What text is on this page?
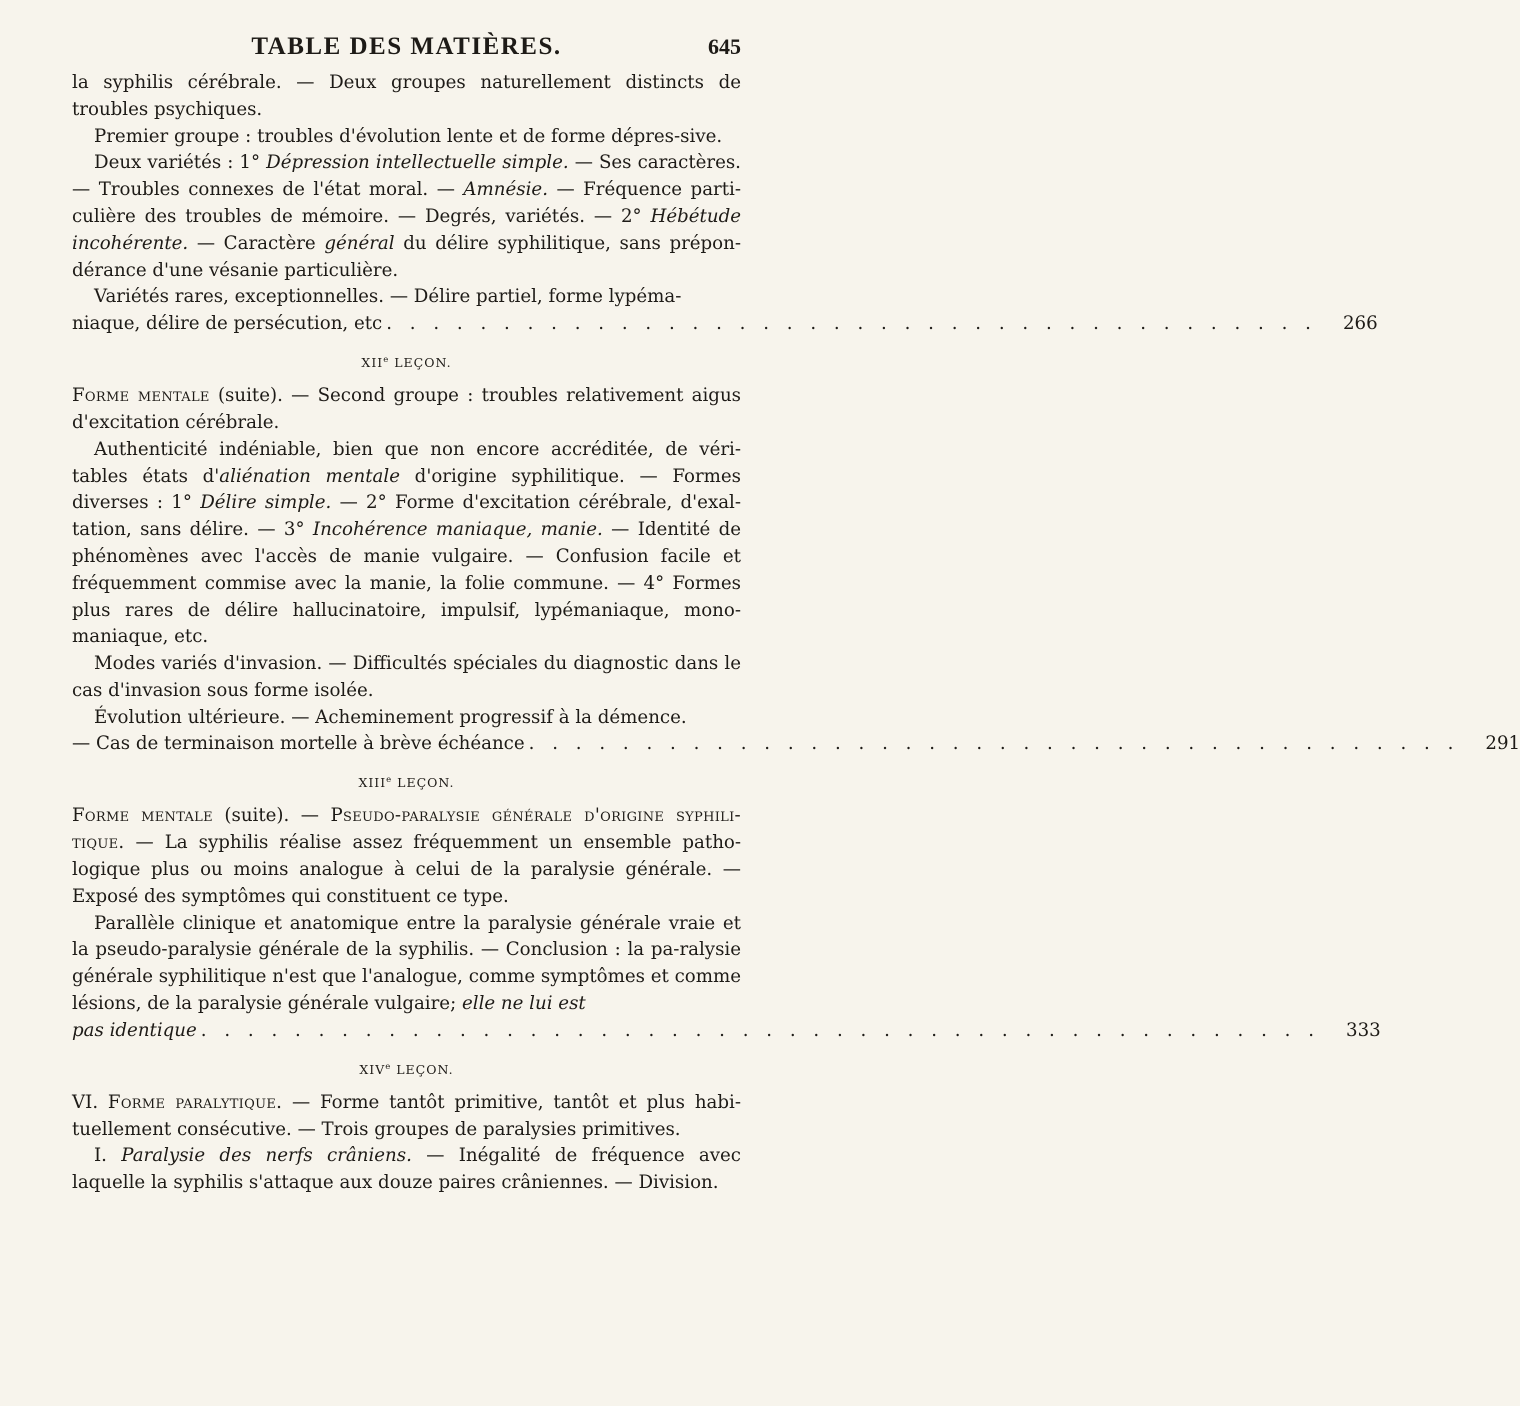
TABLE DES MATIÈRES.	645

la syphilis cérébrale. — Deux groupes naturellement distincts de troubles psychiques.

Premier groupe : troubles d'évolution lente et de forme dépres-sive.

Deux variétés : 1° Dépression intellectuelle simple. — Ses caractères. — Troubles connexes de l'état moral. — Amnésie. — Fréquence parti-culière des troubles de mémoire. — Degrés, variétés. — 2° Hébétude incohérente. — Caractère général du délire syphilitique, sans prépon-dérance d'une vésanie particulière.

Variétés rares, exceptionnelles. — Délire partiel, forme lypéma-

niaque, délire de persécution, etc . . . . . . . . . . . . . . . . . . . . . . . . . . . . . . . . . . . . . . . . 266
XIIe LEÇON.

Forme mentale (suite). — Second groupe : troubles relativement aigus d'excitation cérébrale.

Authenticité indéniable, bien que non encore accréditée, de véri-tables états d'aliénation mentale d'origine syphilitique. — Formes diverses : 1° Délire simple. — 2° Forme d'excitation cérébrale, d'exal-tation, sans délire. — 3° Incohérence maniaque, manie. — Identité de phénomènes avec l'accès de manie vulgaire. — Confusion facile et fréquemment commise avec la manie, la folie commune. — 4° Formes plus rares de délire hallucinatoire, impulsif, lypémaniaque, mono-maniaque, etc.

Modes variés d'invasion. — Difficultés spéciales du diagnostic dans le cas d'invasion sous forme isolée.

Évolution ultérieure. — Acheminement progressif à la démence.

— Cas de terminaison mortelle à brève échéance . . . . . . . . . . . . . . . . . . . . . . . . . . . . . . . . . . . . . . . . 291
XIIIe LEÇON.

Forme mentale (suite). — Pseudo-paralysie générale d'origine syphili-tique. — La syphilis réalise assez fréquemment un ensemble patho-logique plus ou moins analogue à celui de la paralysie générale. — Exposé des symptômes qui constituent ce type.

Parallèle clinique et anatomique entre la paralysie générale vraie et la pseudo-paralysie générale de la syphilis. — Conclusion : la pa-ralysie générale syphilitique n'est que l'analogue, comme symptômes et comme lésions, de la paralysie générale vulgaire; elle ne lui est

pas identique . . . . . . . . . . . . . . . . . . . . . . . . . . . . . . . . . . . . . . . . . . . . . . . . 333
XIVe LEÇON.

VI. Forme paralytique. — Forme tantôt primitive, tantôt et plus habi-tuellement consécutive. — Trois groupes de paralysies primitives.

I. Paralysie des nerfs crâniens. — Inégalité de fréquence avec laquelle la syphilis s'attaque aux douze paires crâniennes. — Division.
